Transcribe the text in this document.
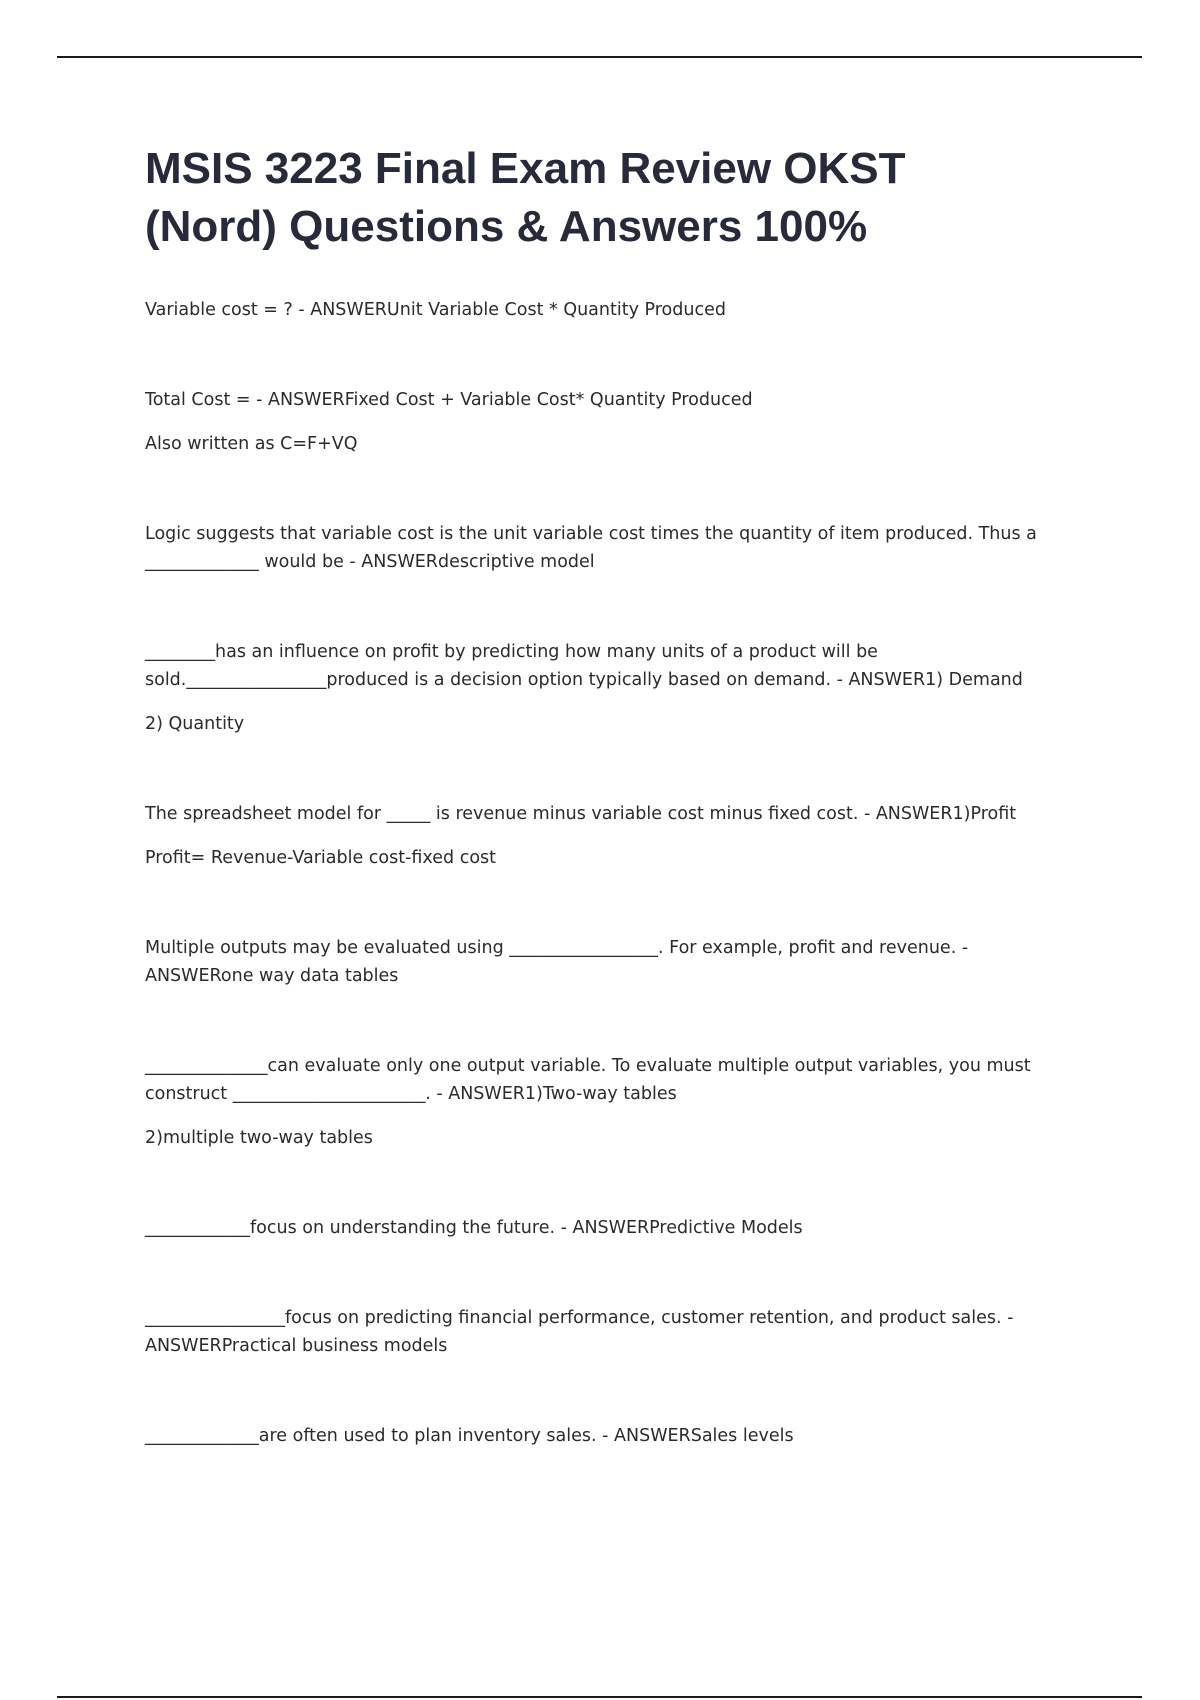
MSIS 3223 Final Exam Review OKST
(Nord) Questions & Answers 100%

Variable cost = ? - ANSWERUnit Variable Cost * Quantity Produced

Total Cost = - ANSWERFixed Cost + Variable Cost* Quantity Produced

Also written as C=F+VQ

Logic suggests that variable cost is the unit variable cost times the quantity of item produced. Thus a _____________ would be - ANSWERdescriptive model

________has an influence on profit by predicting how many units of a product will be sold.________________produced is a decision option typically based on demand. - ANSWER1) Demand

2) Quantity

The spreadsheet model for _____ is revenue minus variable cost minus fixed cost. - ANSWER1)Profit

Profit= Revenue-Variable cost-fixed cost

Multiple outputs may be evaluated using _________________. For example, profit and revenue. - ANSWERone way data tables

______________can evaluate only one output variable. To evaluate multiple output variables, you must construct ______________________. - ANSWER1)Two-way tables

2)multiple two-way tables

____________focus on understanding the future. - ANSWERPredictive Models

________________focus on predicting financial performance, customer retention, and product sales. - ANSWERPractical business models

_____________are often used to plan inventory sales. - ANSWERSales levels
